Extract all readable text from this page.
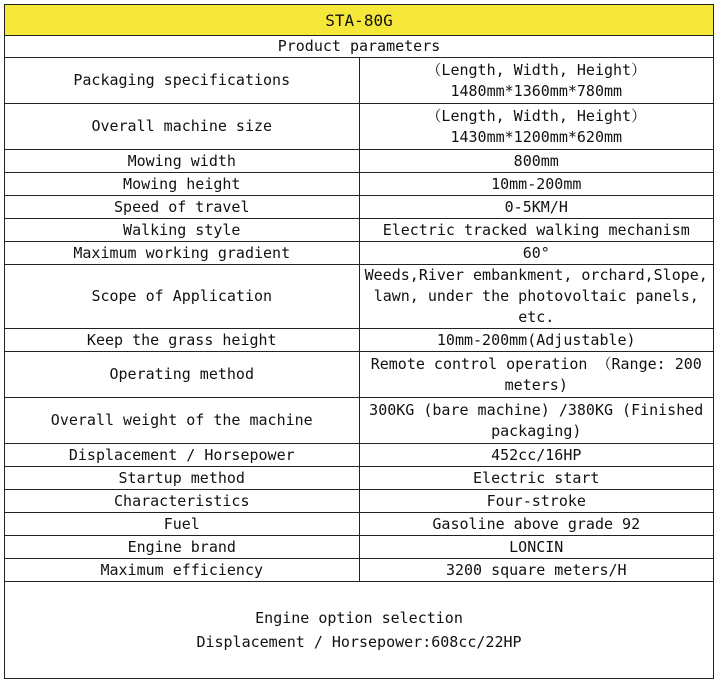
STA-80G	
Product parameters	
Packaging specifications	（Length, Width, Height）
1480mm*1360mm*780mm

Overall machine size	（Length, Width, Height）
1430mm*1200mm*620mm

Mowing width	800mm
Mowing height	10mm-200mm
Speed of travel	0-5KM/H
Walking style	Electric tracked walking mechanism
Maximum working gradient	60°
Scope of Application	Weeds,River embankment, orchard,Slope,
lawn, under the photovoltaic panels, etc.

Keep the grass height	10mm-200mm(Adjustable)
Operating method	Remote control operation （Range: 200
meters)

Overall weight of the machine	300KG (bare machine) /380KG (Finished
packaging)

Displacement / Horsepower	452cc/16HP
Startup method	Electric start
Characteristics	Four-stroke
Fuel	Gasoline above grade 92
Engine brand	LONCIN
Maximum efficiency	3200 square meters/H

Engine option selection
Displacement / Horsepower:608cc/22HP	
